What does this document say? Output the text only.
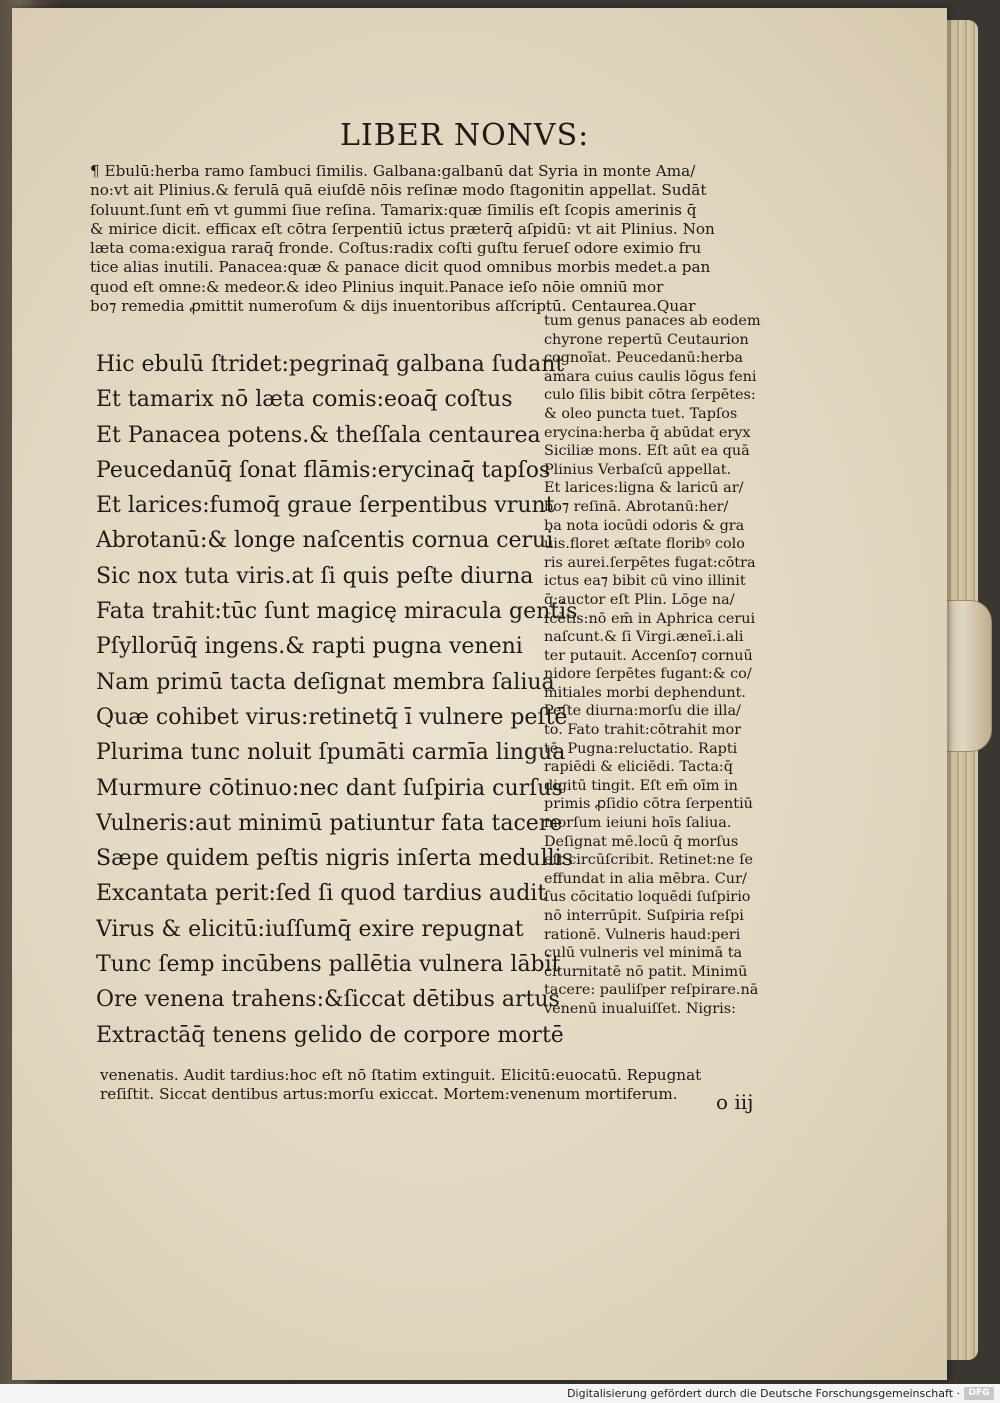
LIBER NONVS:

¶ Ebulū:herba ramo ſambuci ſimilis. Galbana:galbanū dat Syria in monte Ama/

no:vt ait Plinius.& ferulā quā eiuſdē nōis reſinæ modo ſtagonitin appellat. Sudāt

ſoluunt.ſunt em̄ vt gummi ſiue reſina. Tamarix:quæ ſimilis eſt ſcopis amerinis q̄

& mirice dicit. efficax eſt cōtra ſerpentiū ictus præterq̄ aſpidū: vt ait Plinius. Non

læta coma:exigua raraq̄ fronde. Coſtus:radix coſti guſtu ferueſ odore eximio fru

tice alias inutili. Panacea:quæ & panace dicit quod omnibus morbis medet.a pan

quod eſt omne:& medeor.& ideo Plinius inquit.Panace ieſo nōie omniū mor

bo⁊ remedia ꝓmittit numeroſum & dijs inuentoribus aſſcriptū. Centaurea.Quar

Hic ebulū ſtridet:pegrinaq̄ galbana ſudant

Et tamarix nō læta comis:eoaq̄ coſtus

Et Panacea potens.& theſſala centaurea

Peucedanūq̄ ſonat flāmis:erycinaq̄ tapſos

Et larices:fumoq̄ graue ſerpentibus vrunt

Abrotanū:& longe naſcentis cornua cerui

Sic nox tuta viris.at ſi quis peſte diurna

Fata trahit:tūc ſunt magicę miracula gentis

Pſyllorūq̄ ingens.& rapti pugna veneni

Nam primū tacta deſignat membra ſaliua

Quæ cohibet virus:retinetq̄ ī vulnere peſtē

Plurima tunc noluit ſpumāti carmīa lingua

Murmure cōtinuo:nec dant ſuſpiria curſus

Vulneris:aut minimū patiuntur fata tacere

Sæpe quidem peſtis nigris inſerta medullis

Excantata perit:ſed ſi quod tardius audit

Virus & elicitū:iuſſumq̄ exire repugnat

Tunc ſemp incūbens pallētia vulnera lābit

Ore venena trahens:&ſiccat dētibus artus

Extractāq̄ tenens gelido de corpore mortē

tum genus panaces ab eodem

chyrone repertū Ceutaurion

cognoīat. Peucedanū:herba

amara cuius caulis lōgus feni

culo ſilis bibit cōtra ſerpētes:

& oleo puncta tuet. Tapſos

erycina:herba q̄ abūdat eryx

Siciliæ mons. Eſt aūt ea quā

Plinius Verbaſcū appellat.

Et larices:ligna & laricū ar/

bo⁊ reſinā. Abrotanū:her/

ba nota iocūdi odoris & gra

uis.floret æſtate floribꝰ colo

ris aurei.ſerpētes fugat:cōtra

ictus ea⁊ bibit cū vino illinit

q̄:auctor eſt Plin. Lōge na/

ſcētis:nō em̄ in Aphrica cerui

naſcunt.& ſi Virgi.æneī.i.ali

ter putauit. Accenſo⁊ cornuū

nidore ſerpētes fugant:& co/

mitiales morbi dephendunt.

Peſte diurna:morſu die illa/

to. Fato trahit:cōtrahit mor

tē. Pugna:reluctatio. Rapti

rapiēdi & eliciēdi. Tacta:q̄

digitū tingit. Eſt em̄ oīm in

primis ꝓſidio cōtra ſerpentiū

morſum ieiuni hoīs ſaliua.

Deſignat mē.locū q̄ morſus

eſt circūſcribit. Retinet:ne ſe

effundat in alia mēbra. Cur/

ſus cōcitatio loquēdi ſuſpirio

nō interrūpit. Suſpiria reſpi

rationē. Vulneris haud:peri

culū vulneris vel minimā ta

citurnitatē nō patit. Minimū

tacere: pauliſper reſpirare.nā

venenū inualuiſſet. Nigris:

venenatis. Audit tardius:hoc eſt nō ſtatim extinguit. Elicitū:euocatū. Repugnat

reſiſtit. Siccat dentibus artus:morſu exiccat. Mortem:venenum mortiferum.	o iij
Digitalisierung gefördert durch die Deutsche Forschungsgemeinschaft · DFG
